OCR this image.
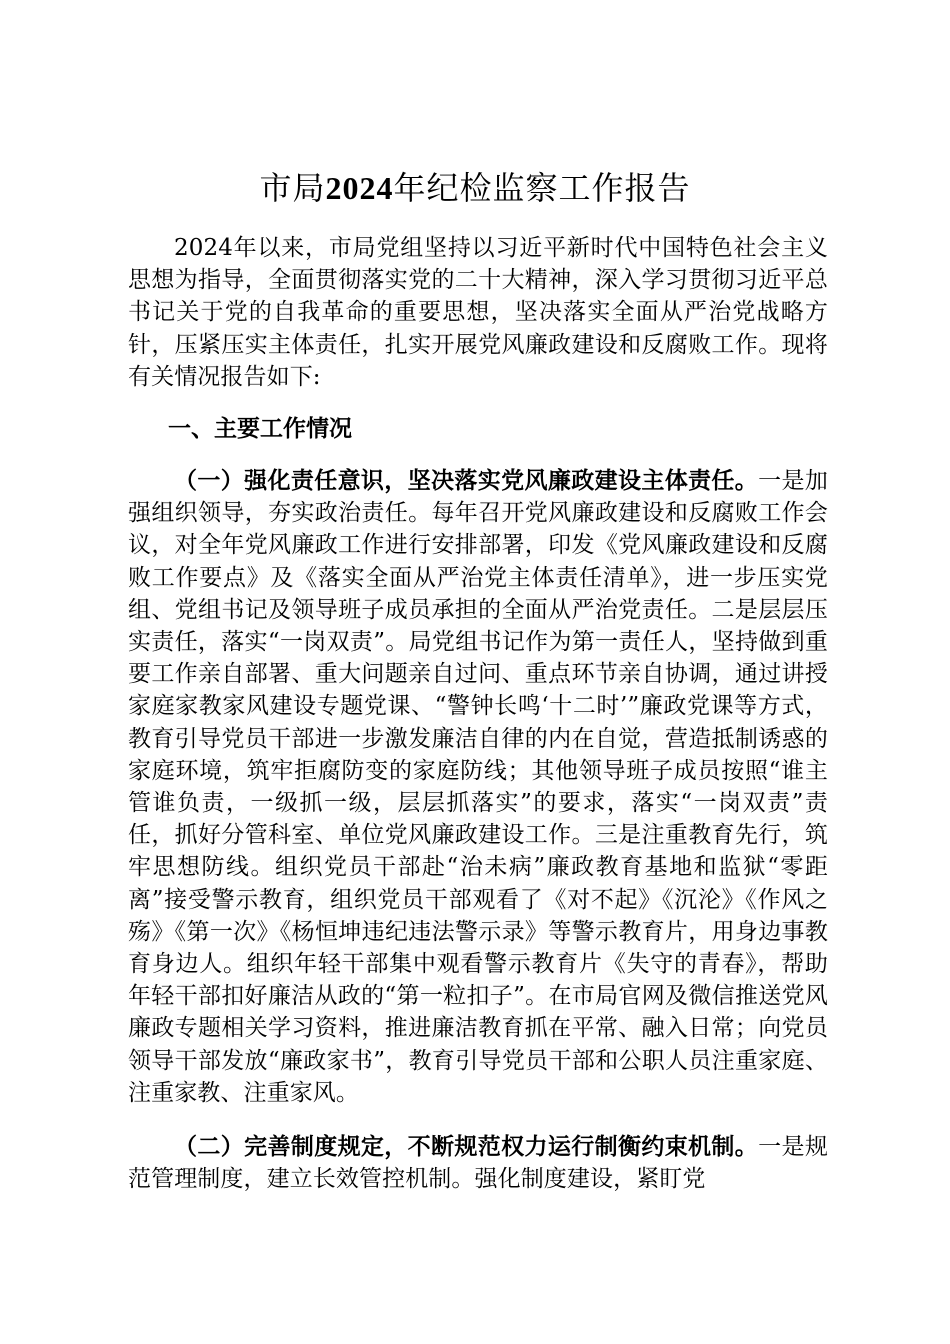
市局2024年纪检监察工作报告

2024年以来，市局党组坚持以习近平新时代中国特色社会主义思想为指导，全面贯彻落实党的二十大精神，深入学习贯彻习近平总书记关于党的自我革命的重要思想，坚决落实全面从严治党战略方针，压紧压实主体责任，扎实开展党风廉政建设和反腐败工作。现将有关情况报告如下:

一、主要工作情况

（一）强化责任意识，坚决落实党风廉政建设主体责任。一是加强组织领导，夯实政治责任。每年召开党风廉政建设和反腐败工作会议，对全年党风廉政工作进行安排部署，印发《党风廉政建设和反腐败工作要点》及《落实全面从严治党主体责任清单》，进一步压实党组、党组书记及领导班子成员承担的全面从严治党责任。二是层层压实责任，落实“一岗双责”。局党组书记作为第一责任人，坚持做到重要工作亲自部署、重大问题亲自过问、重点环节亲自协调，通过讲授家庭家教家风建设专题党课、“警钟长鸣‘十二时’”廉政党课等方式，教育引导党员干部进一步激发廉洁自律的内在自觉，营造抵制诱惑的家庭环境，筑牢拒腐防变的家庭防线；其他领导班子成员按照“谁主管谁负责，一级抓一级，层层抓落实”的要求，落实“一岗双责”责任，抓好分管科室、单位党风廉政建设工作。三是注重教育先行，筑牢思想防线。组织党员干部赴“治未病”廉政教育基地和监狱“零距离”接受警示教育，组织党员干部观看了《对不起》《沉沦》《作风之殇》《第一次》《杨恒坤违纪违法警示录》等警示教育片，用身边事教育身边人。组织年轻干部集中观看警示教育片《失守的青春》，帮助年轻干部扣好廉洁从政的“第一粒扣子”。在市局官网及微信推送党风廉政专题相关学习资料，推进廉洁教育抓在平常、融入日常；向党员领导干部发放“廉政家书”，教育引导党员干部和公职人员注重家庭、注重家教、注重家风。

（二）完善制度规定，不断规范权力运行制衡约束机制。一是规范管理制度，建立长效管控机制。强化制度建设，紧盯党
